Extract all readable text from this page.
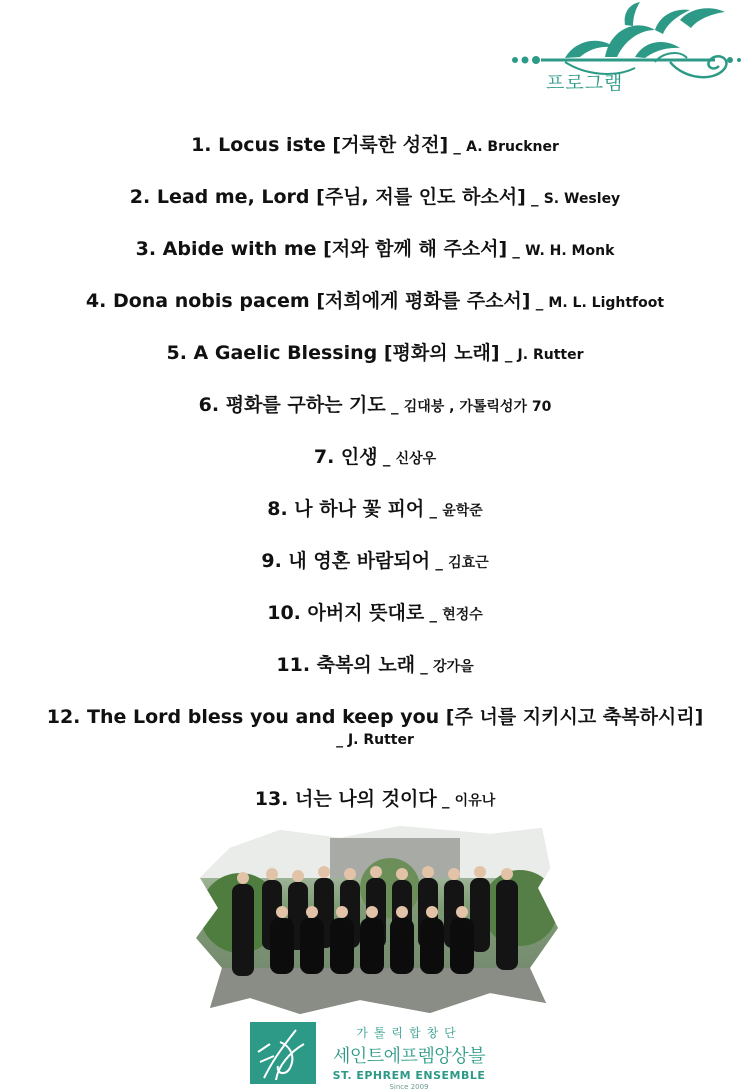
프로그램
1. Locus iste [거룩한 성전] _ A. Bruckner
2. Lead me, Lord [주님, 저를 인도 하소서] _ S. Wesley
3. Abide with me [저와 함께 해 주소서] _ W. H. Monk
4. Dona nobis pacem [저희에게 평화를 주소서] _ M. L. Lightfoot
5. A Gaelic Blessing [평화의 노래] _ J. Rutter
6. 평화를 구하는 기도 _ 김대붕 , 가톨릭성가 70
7. 인생 _ 신상우
8. 나 하나 꽃 피어 _ 윤학준
9. 내 영혼 바람되어 _ 김효근
10. 아버지 뜻대로 _ 현정수
11. 축복의 노래 _ 강가을
12. The Lord bless you and keep you [주 너를 지키시고 축복하시리]
_ J. Rutter
13. 너는 나의 것이다 _ 이유나
가톨릭합창단
세인트에프렘앙상블
ST. EPHREM ENSEMBLE
Since 2009
